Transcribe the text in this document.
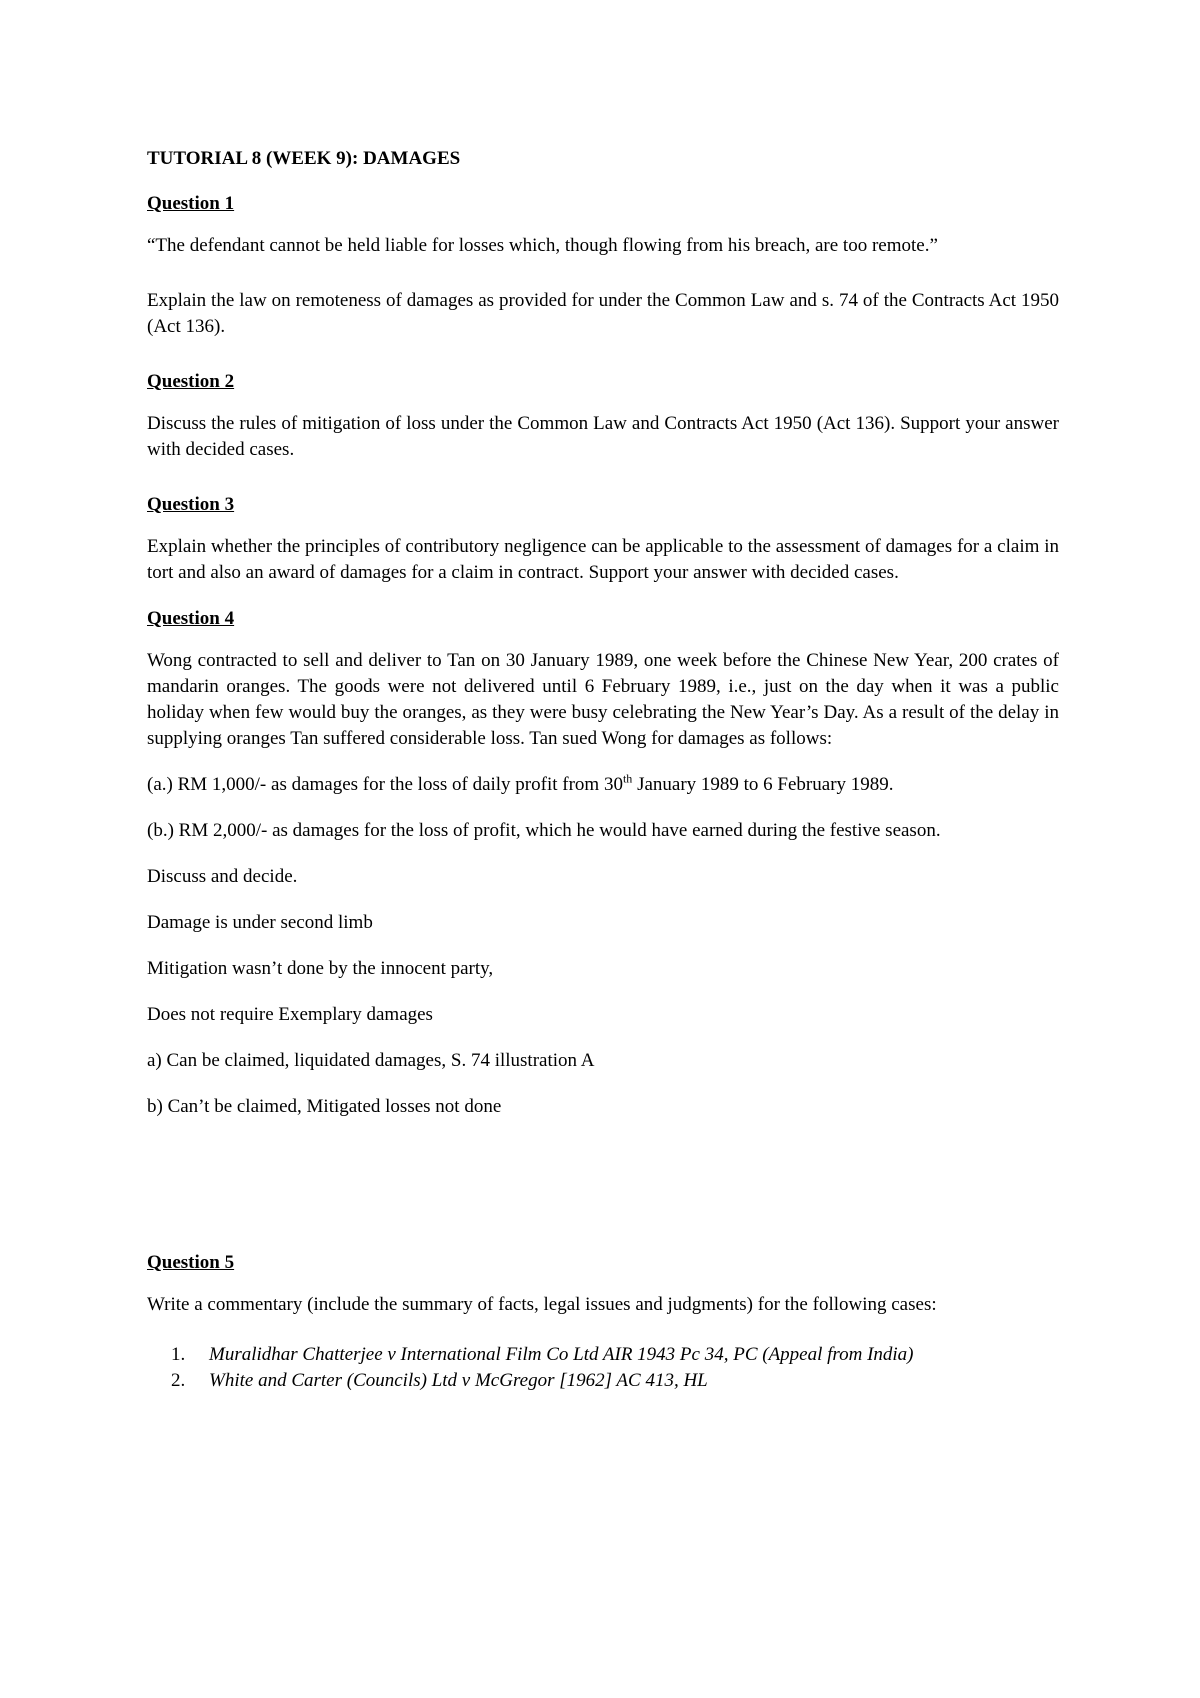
TUTORIAL 8 (WEEK 9): DAMAGES

Question 1

“The defendant cannot be held liable for losses which, though flowing from his breach, are too remote.”

Explain the law on remoteness of damages as provided for under the Common Law and s. 74 of the Contracts Act 1950 (Act 136).

Question 2

Discuss the rules of mitigation of loss under the Common Law and Contracts Act 1950 (Act 136). Support your answer with decided cases.

Question 3

Explain whether the principles of contributory negligence can be applicable to the assessment of damages for a claim in tort and also an award of damages for a claim in contract. Support your answer with decided cases.

Question 4

Wong contracted to sell and deliver to Tan on 30 January 1989, one week before the Chinese New Year, 200 crates of mandarin oranges. The goods were not delivered until 6 February 1989, i.e., just on the day when it was a public holiday when few would buy the oranges, as they were busy celebrating the New Year’s Day. As a result of the delay in supplying oranges Tan suffered considerable loss. Tan sued Wong for damages as follows:

(a.) RM 1,000/- as damages for the loss of daily profit from 30th January 1989 to 6 February 1989.

(b.) RM 2,000/- as damages for the loss of profit, which he would have earned during the festive season.

Discuss and decide.

Damage is under second limb

Mitigation wasn’t done by the innocent party,

Does not require Exemplary damages

a) Can be claimed, liquidated damages, S. 74 illustration A

b) Can’t be claimed, Mitigated losses not done

Question 5

Write a commentary (include the summary of facts, legal issues and judgments) for the following cases:

1. Muralidhar Chatterjee v International Film Co Ltd AIR 1943 Pc 34, PC (Appeal from India)
2. White and Carter (Councils) Ltd v McGregor [1962] AC 413, HL
